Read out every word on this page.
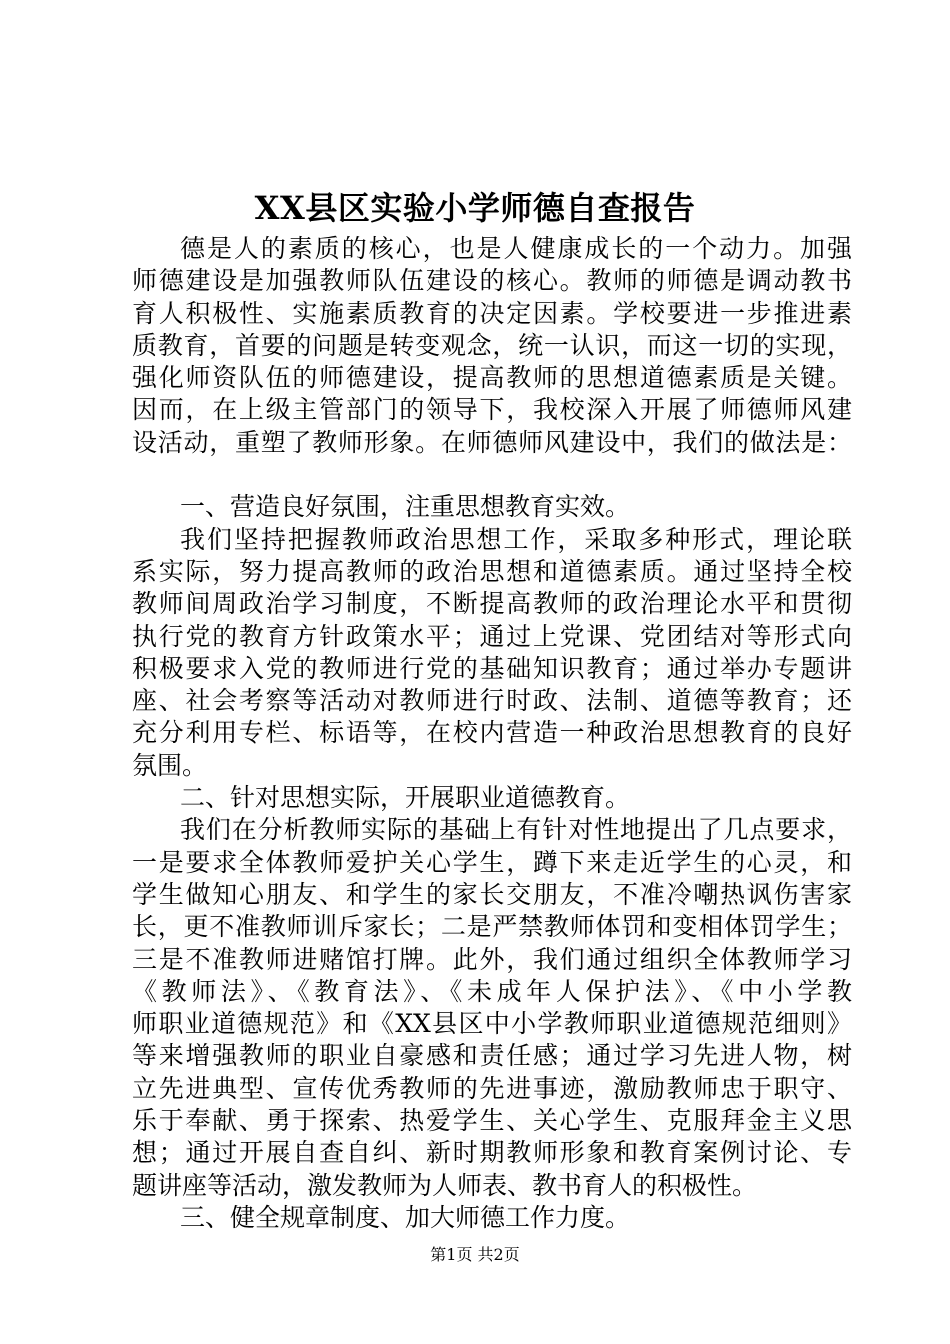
XX县区实验小学师德自查报告
德是人的素质的核心，也是人健康成长的一个动力。加强
师德建设是加强教师队伍建设的核心。教师的师德是调动教书
育人积极性、实施素质教育的决定因素。学校要进一步推进素
质教育，首要的问题是转变观念，统一认识，而这一切的实现，
强化师资队伍的师德建设，提高教师的思想道德素质是关键。
因而，在上级主管部门的领导下，我校深入开展了师德师风建
设活动，重塑了教师形象。在师德师风建设中，我们的做法是：
一、营造良好氛围，注重思想教育实效。
我们坚持把握教师政治思想工作，采取多种形式，理论联
系实际，努力提高教师的政治思想和道德素质。通过坚持全校
教师间周政治学习制度，不断提高教师的政治理论水平和贯彻
执行党的教育方针政策水平；通过上党课、党团结对等形式向
积极要求入党的教师进行党的基础知识教育；通过举办专题讲
座、社会考察等活动对教师进行时政、法制、道德等教育；还
充分利用专栏、标语等，在校内营造一种政治思想教育的良好
氛围。
二、针对思想实际，开展职业道德教育。
我们在分析教师实际的基础上有针对性地提出了几点要求，
一是要求全体教师爱护关心学生，蹲下来走近学生的心灵，和
学生做知心朋友、和学生的家长交朋友，不准冷嘲热讽伤害家
长，更不准教师训斥家长；二是严禁教师体罚和变相体罚学生；
三是不准教师进赌馆打牌。此外，我们通过组织全体教师学习
《教师法》、《教育法》、《未成年人保护法》、《中小学教
师职业道德规范》和《XX县区中小学教师职业道德规范细则》
等来增强教师的职业自豪感和责任感；通过学习先进人物，树
立先进典型、宣传优秀教师的先进事迹，激励教师忠于职守、
乐于奉献、勇于探索、热爱学生、关心学生、克服拜金主义思
想；通过开展自查自纠、新时期教师形象和教育案例讨论、专
题讲座等活动，激发教师为人师表、教书育人的积极性。
三、健全规章制度、加大师德工作力度。
第1页 共2页
